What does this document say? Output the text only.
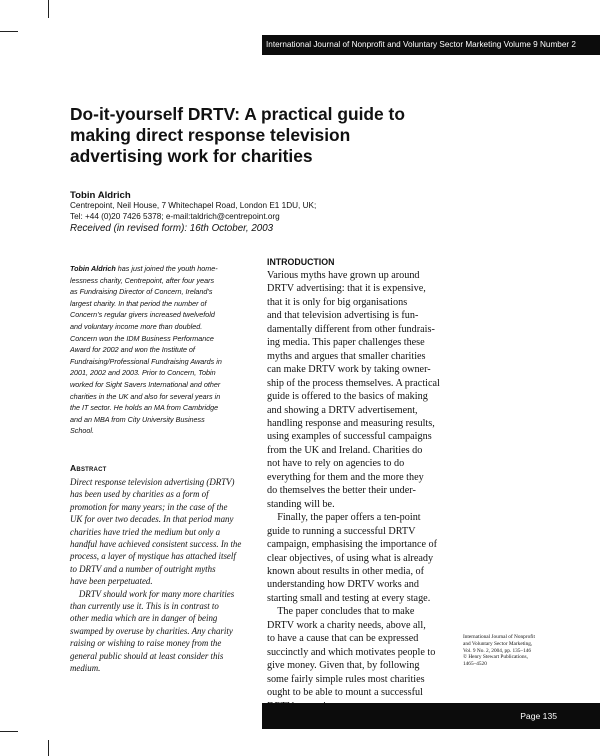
International Journal of Nonprofit and Voluntary Sector Marketing Volume 9 Number 2
Do-it-yourself DRTV: A practical guide to
making direct response television
advertising work for charities
Tobin Aldrich
Centrepoint, Neil House, 7 Whitechapel Road, London E1 1DU, UK;
Tel: +44 (0)20 7426 5378; e-mail:taldrich@centrepoint.org
Received (in revised form): 16th October, 2003
Tobin Aldrich has just joined the youth home-
lessness charity, Centrepoint, after four years
as Fundraising Director of Concern, Ireland’s
largest charity. In that period the number of
Concern’s regular givers increased twelvefold
and voluntary income more than doubled.
Concern won the IDM Business Performance
Award for 2002 and won the Institute of
Fundraising/Professional Fundraising Awards in
2001, 2002 and 2003. Prior to Concern, Tobin
worked for Sight Savers International and other
charities in the UK and also for several years in
the IT sector. He holds an MA from Cambridge
and an MBA from City University Business
School.
Abstract
Direct response television advertising (DRTV)
has been used by charities as a form of
promotion for many years; in the case of the
UK for over two decades. In that period many
charities have tried the medium but only a
handful have achieved consistent success. In the
process, a layer of mystique has attached itself
to DRTV and a number of outright myths
have been perpetuated.
 DRTV should work for many more charities
than currently use it. This is in contrast to
other media which are in danger of being
swamped by overuse by charities. Any charity
raising or wishing to raise money from the
general public should at least consider this
medium.
INTRODUCTION
Various myths have grown up around
DRTV advertising: that it is expensive,
that it is only for big organisations
and that television advertising is fun-
damentally different from other fundrais-
ing media. This paper challenges these
myths and argues that smaller charities
can make DRTV work by taking owner-
ship of the process themselves. A practical
guide is offered to the basics of making
and showing a DRTV advertisement,
handling response and measuring results,
using examples of successful campaigns
from the UK and Ireland. Charities do
not have to rely on agencies to do
everything for them and the more they
do themselves the better their under-
standing will be.
 Finally, the paper offers a ten-point
guide to running a successful DRTV
campaign, emphasising the importance of
clear objectives, of using what is already
known about results in other media, of
understanding how DRTV works and
starting small and testing at every stage.
 The paper concludes that to make
DRTV work a charity needs, above all,
to have a cause that can be expressed
succinctly and which motivates people to
give money. Given that, by following
some fairly simple rules most charities
ought to be able to mount a successful
International Journal of Nonprofit
and Voluntary Sector Marketing,
Vol. 9 No. 2, 2004, pp. 135–146
© Henry Stewart Publications,
1465–4520
Page 135
